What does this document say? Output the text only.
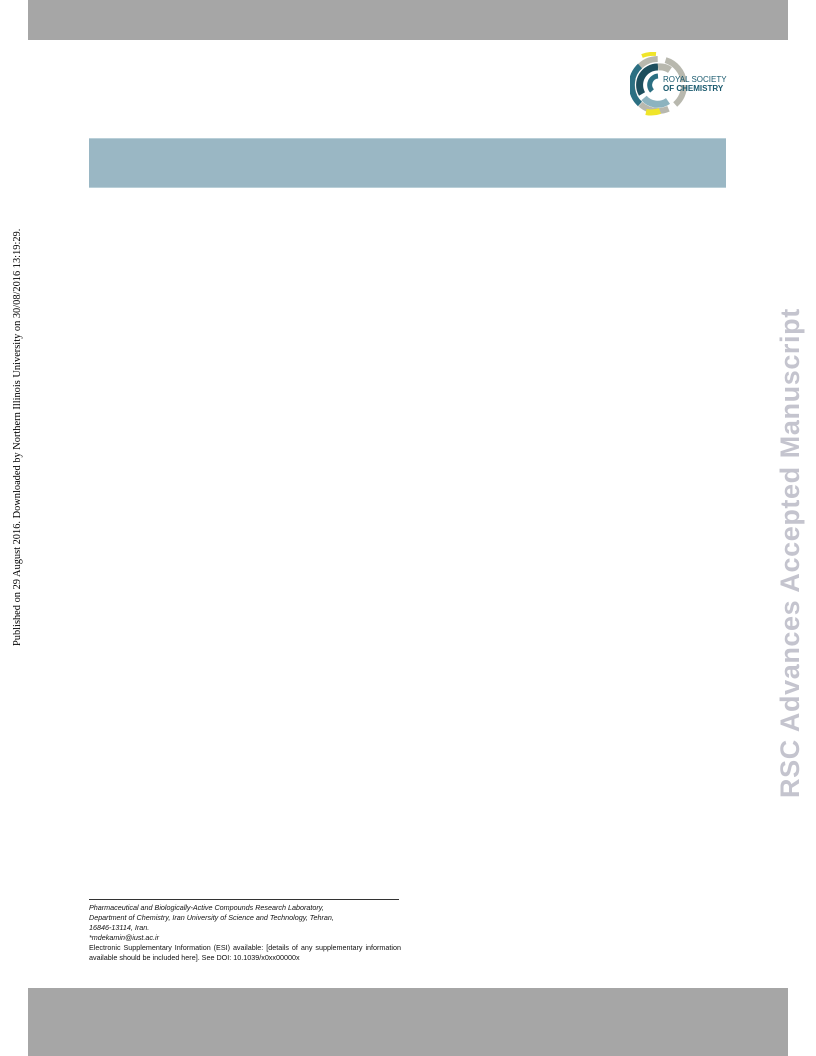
ROYAL SOCIETY
OF CHEMISTRY
Published on 29 August 2016. Downloaded by Northern Illinois University on 30/08/2016 13:19:29.	RSC Advances Accepted Manuscript
Pharmaceutical and Biologically-Active Compounds Research Laboratory,
Department of Chemistry, Iran University of Science and Technology, Tehran,
16846-13114, Iran.
*mdekamin@iust.ac.ir
Electronic Supplementary Information (ESI) available: [details of any supplementary information available should be included here]. See DOI: 10.1039/x0xx00000x
